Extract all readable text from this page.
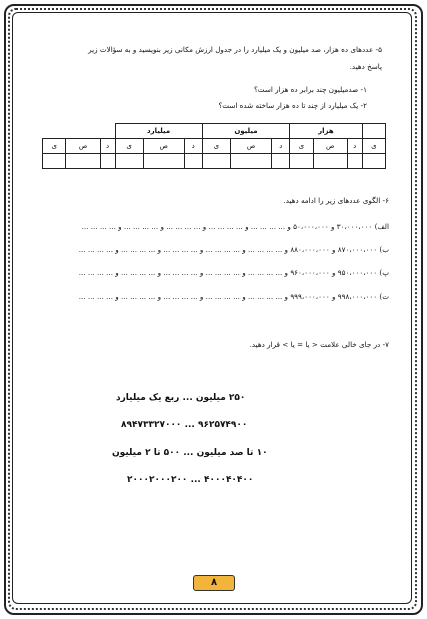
۵- عددهای ده هزار، صد میلیون و یک میلیارد را در جدول ارزش مکانی زیر بنویسید و به سؤالات زیر
پاسخ دهید.
۱- صدمیلیون چند برابر ده هزار است؟
۲- یک میلیارد از چند تا ده هزار ساخته شده است؟
	هزار			میلیون			میلیارد					
ی	د	ص	ی	د	ص	ی	د	ص	ی	د	ص	ی

۶- الگوی عددهای زیر را ادامه دهید.
الف) ۳۰،۰۰۰،۰۰۰ و ۵۰،۰۰۰،۰۰۰ و ... ... ... ... و ... ... ... ... و ... ... ... ... و ... ... ... ... و ... ... ... ...
ب) ۸۷۰،۰۰۰،۰۰۰ و ۸۸۰،۰۰۰،۰۰۰ و ... ... ... ... و ... ... ... ... و ... ... ... ... و ... ... ... ... و ... ... ... ...
پ) ۹۵۰،۰۰۰،۰۰۰ و ۹۶۰،۰۰۰،۰۰۰ و ... ... ... ... و ... ... ... ... و ... ... ... ... و ... ... ... ... و ... ... ... ...
ت) ۹۹۸،۰۰۰،۰۰۰ و ۹۹۹،۰۰۰،۰۰۰ و ... ... ... ... و ... ... ... ... و ... ... ... ... و ... ... ... ... و ... ... ... ...
۷- در جای خالی علامت < یا = یا > قرار دهید.
۲۵۰ میلیون ... ربع یک میلیارد
۹۶۲۵۷۴۹۰۰ ... ۸۹۴۷۳۳۲۷۰۰۰
۱۰ تا صد میلیون ... ۵۰۰ تا ۲ میلیون
۴۰۰۰۴۰۴۰۰ ... ۲۰۰۰۲۰۰۰۲۰۰
۸
